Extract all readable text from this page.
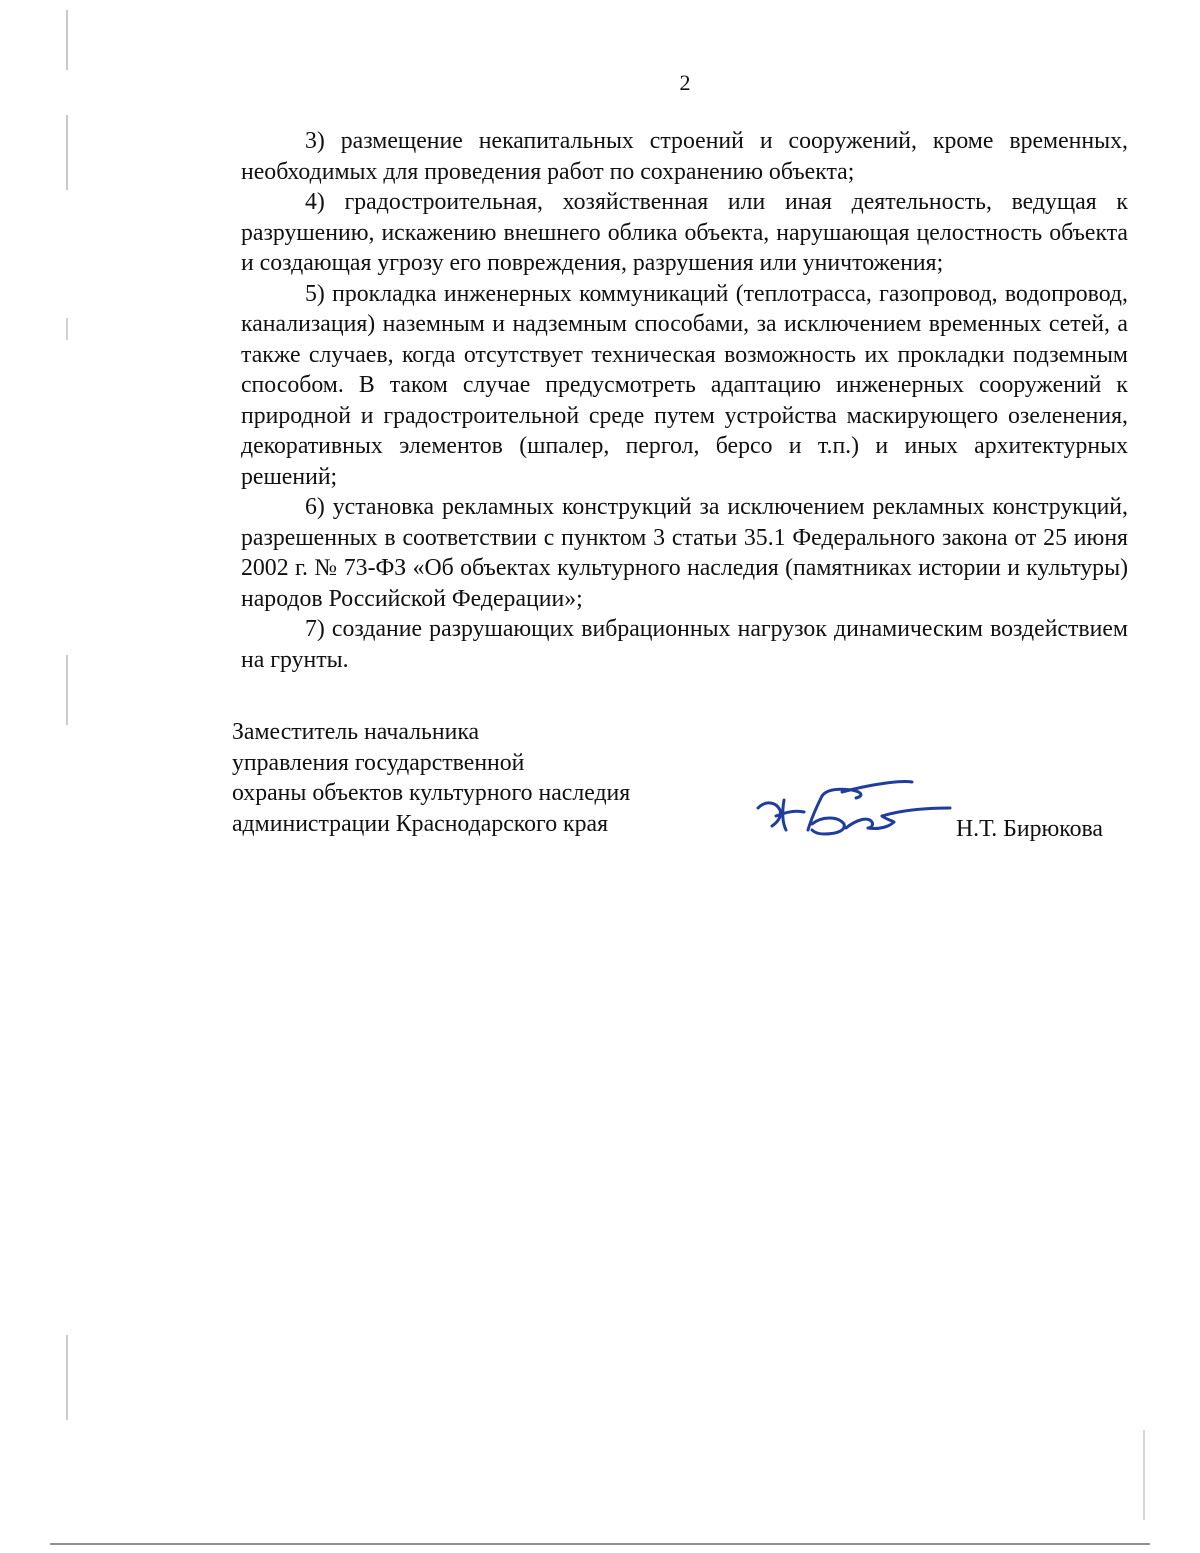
2

3) размещение некапитальных строений и сооружений, кроме временных, необходимых для проведения работ по сохранению объекта;

4) градостроительная, хозяйственная или иная деятельность, ведущая к разрушению, искажению внешнего облика объекта, нарушающая целостность объекта и создающая угрозу его повреждения, разрушения или уничтожения;

5) прокладка инженерных коммуникаций (теплотрасса, газопровод, водопровод, канализация) наземным и надземным способами, за исключением временных сетей, а также случаев, когда отсутствует техническая возможность их прокладки подземным способом. В таком случае предусмотреть адаптацию инженерных сооружений к природной и градостроительной среде путем устройства маскирующего озеленения, декоративных элементов (шпалер, пергол, берсо и т.п.) и иных архитектурных решений;

6) установка рекламных конструкций за исключением рекламных конструкций, разрешенных в соответствии с пунктом 3 статьи 35.1 Федерального закона от 25 июня 2002 г. № 73-ФЗ «Об объектах культурного наследия (памятниках истории и культуры) народов Российской Федерации»;

7) создание разрушающих вибрационных нагрузок динамическим воздействием на грунты.

Заместитель начальника
управления государственной
охраны объектов культурного наследия
администрации Краснодарского края	Н.Т. Бирюкова
